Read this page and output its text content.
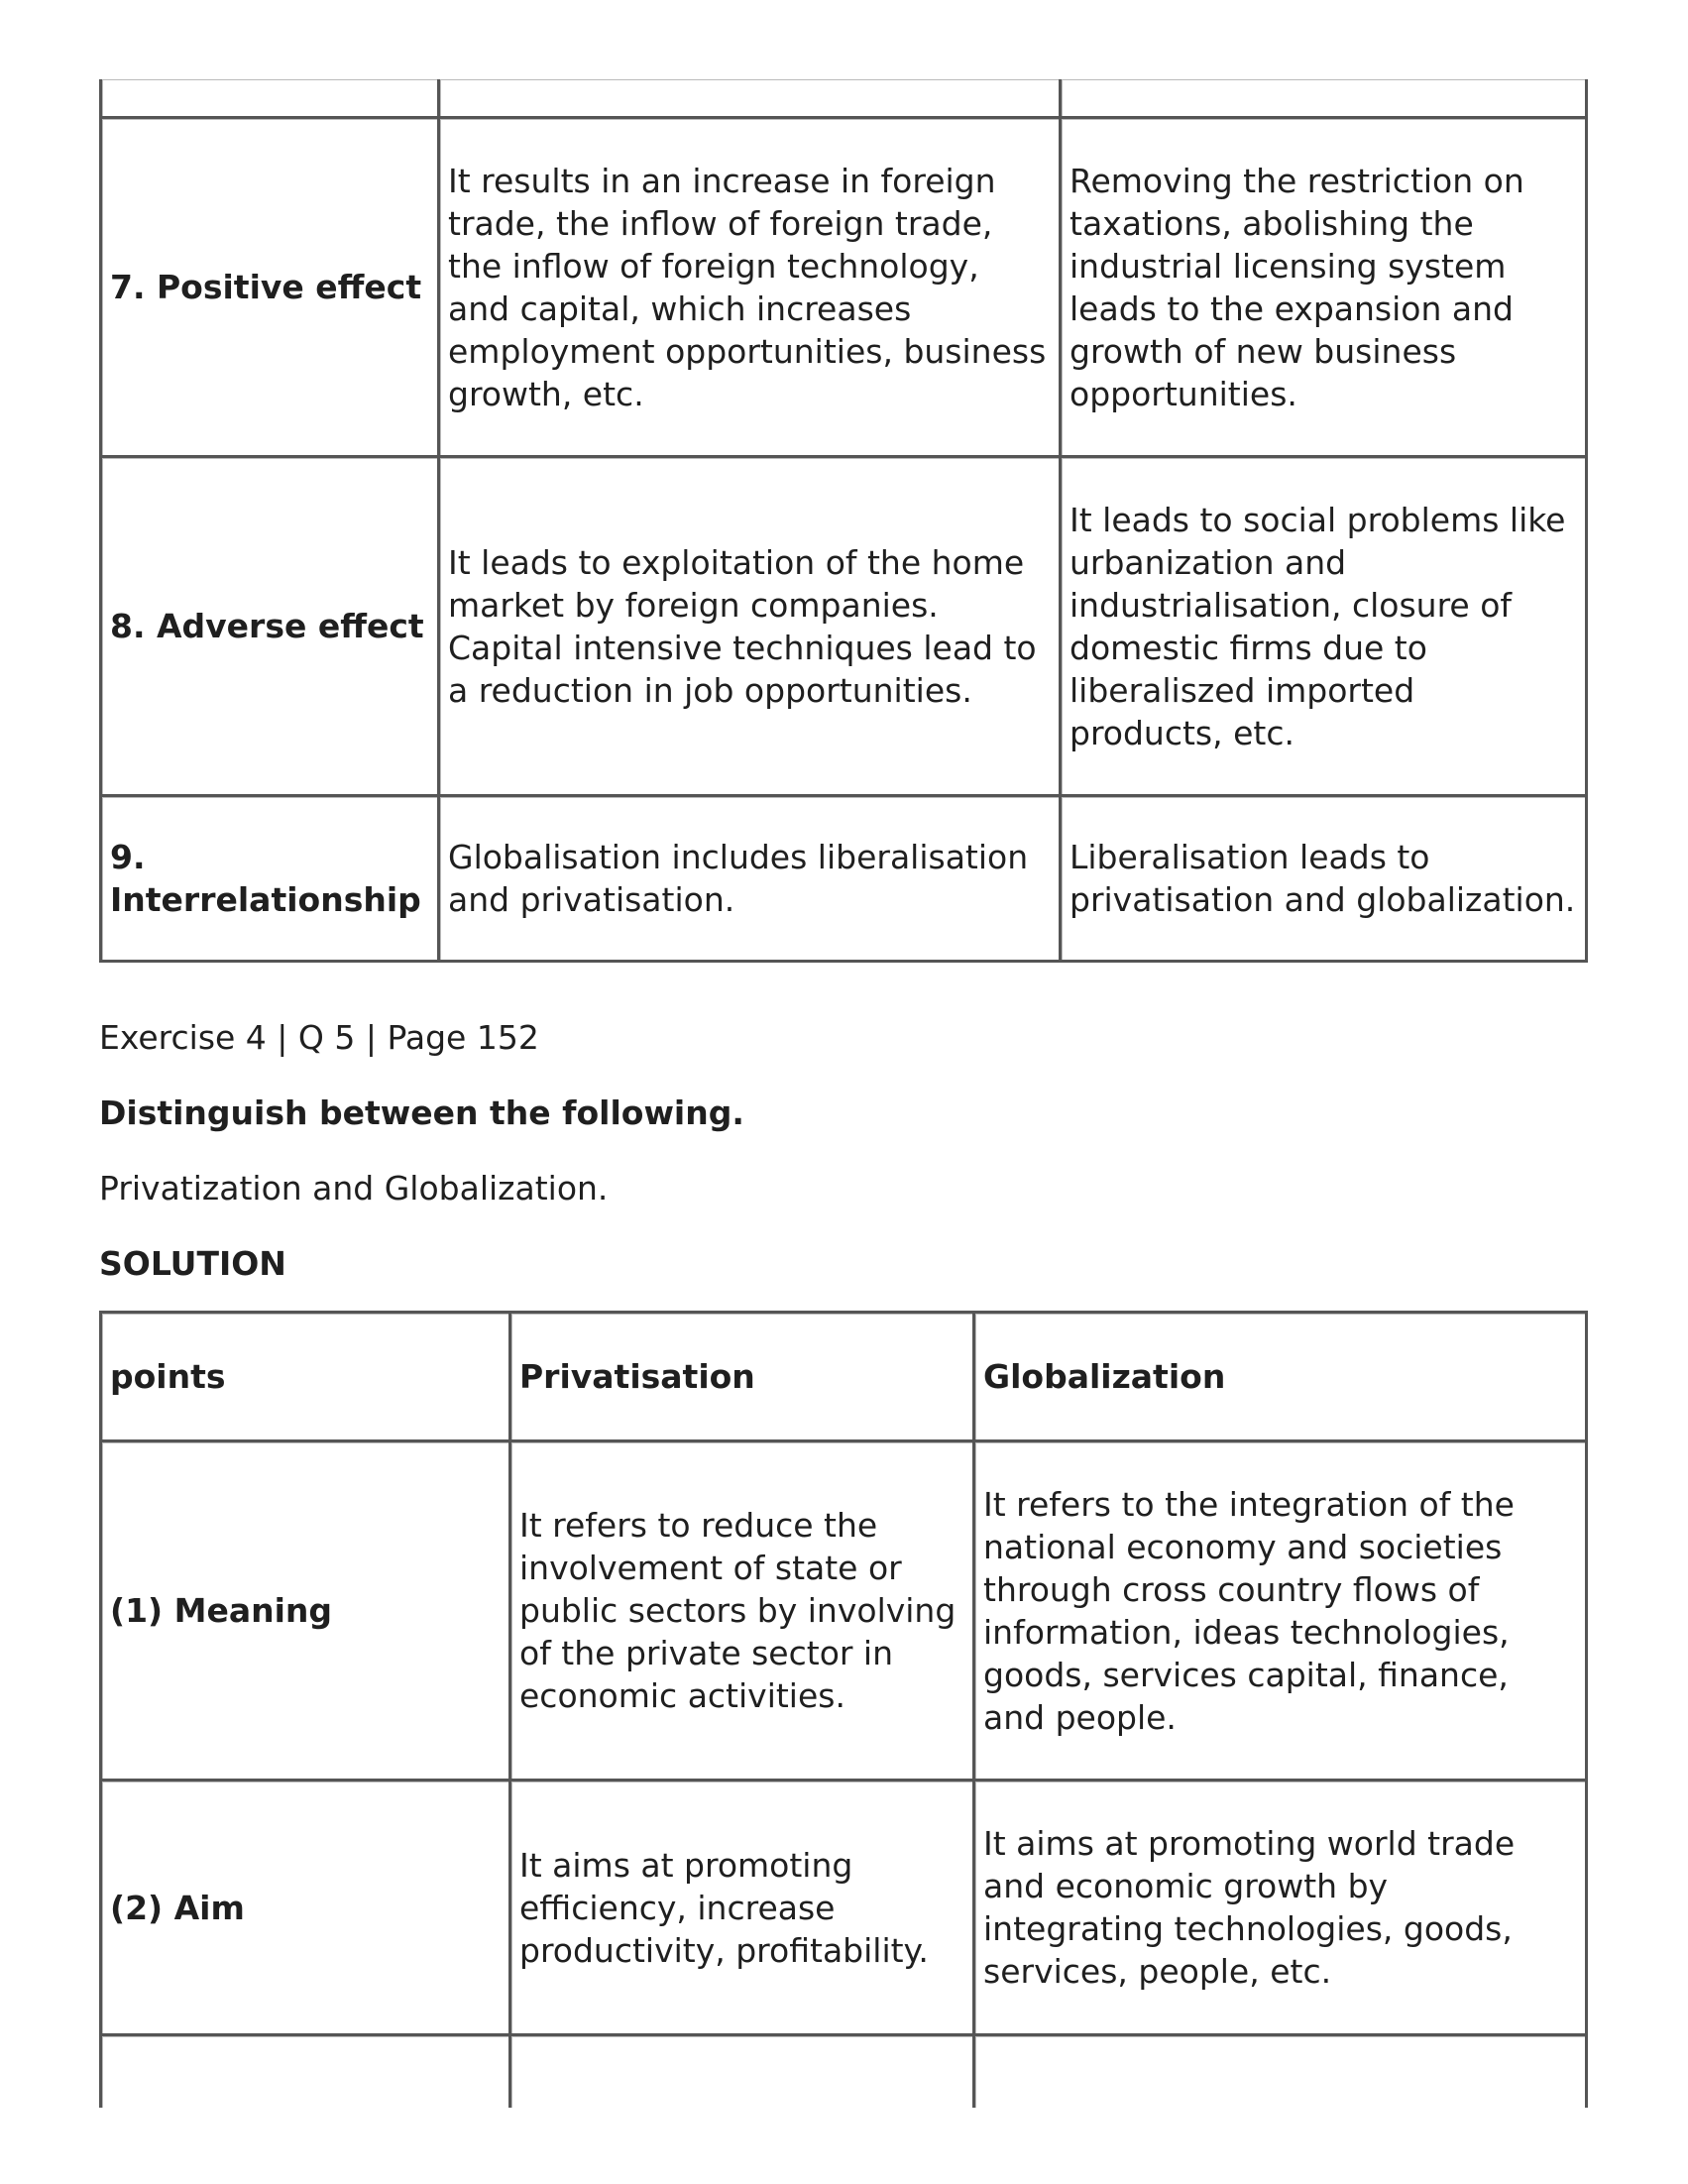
7. Positive effect	It results in an increase in foreign trade, the inflow of foreign trade, the inflow of foreign technology, and capital, which increases employment opportunities, business growth, etc.	Removing the restriction on taxations, abolishing the industrial licensing system leads to the expansion and growth of new business opportunities.
8. Adverse effect	It leads to exploitation of the home market by foreign companies. Capital intensive techniques lead to a reduction in job opportunities.	It leads to social problems like urbanization and industrialisation, closure of domestic firms due to liberaliszed imported products, etc.
9. Interrelationship	Globalisation includes liberalisation and privatisation.	Liberalisation leads to privatisation and globalization.
Exercise 4 | Q 5 | Page 152
Distinguish between the following.
Privatization and Globalization.
SOLUTION
points	Privatisation	Globalization
(1) Meaning	It refers to reduce the involvement of state or public sectors by involving of the private sector in economic activities.	It refers to the integration of the national economy and societies through cross country flows of information, ideas technologies, goods, services capital, finance, and people.
(2) Aim	It aims at promoting efficiency, increase productivity, profitability.	It aims at promoting world trade and economic growth by integrating technologies, goods, services, people, etc.
